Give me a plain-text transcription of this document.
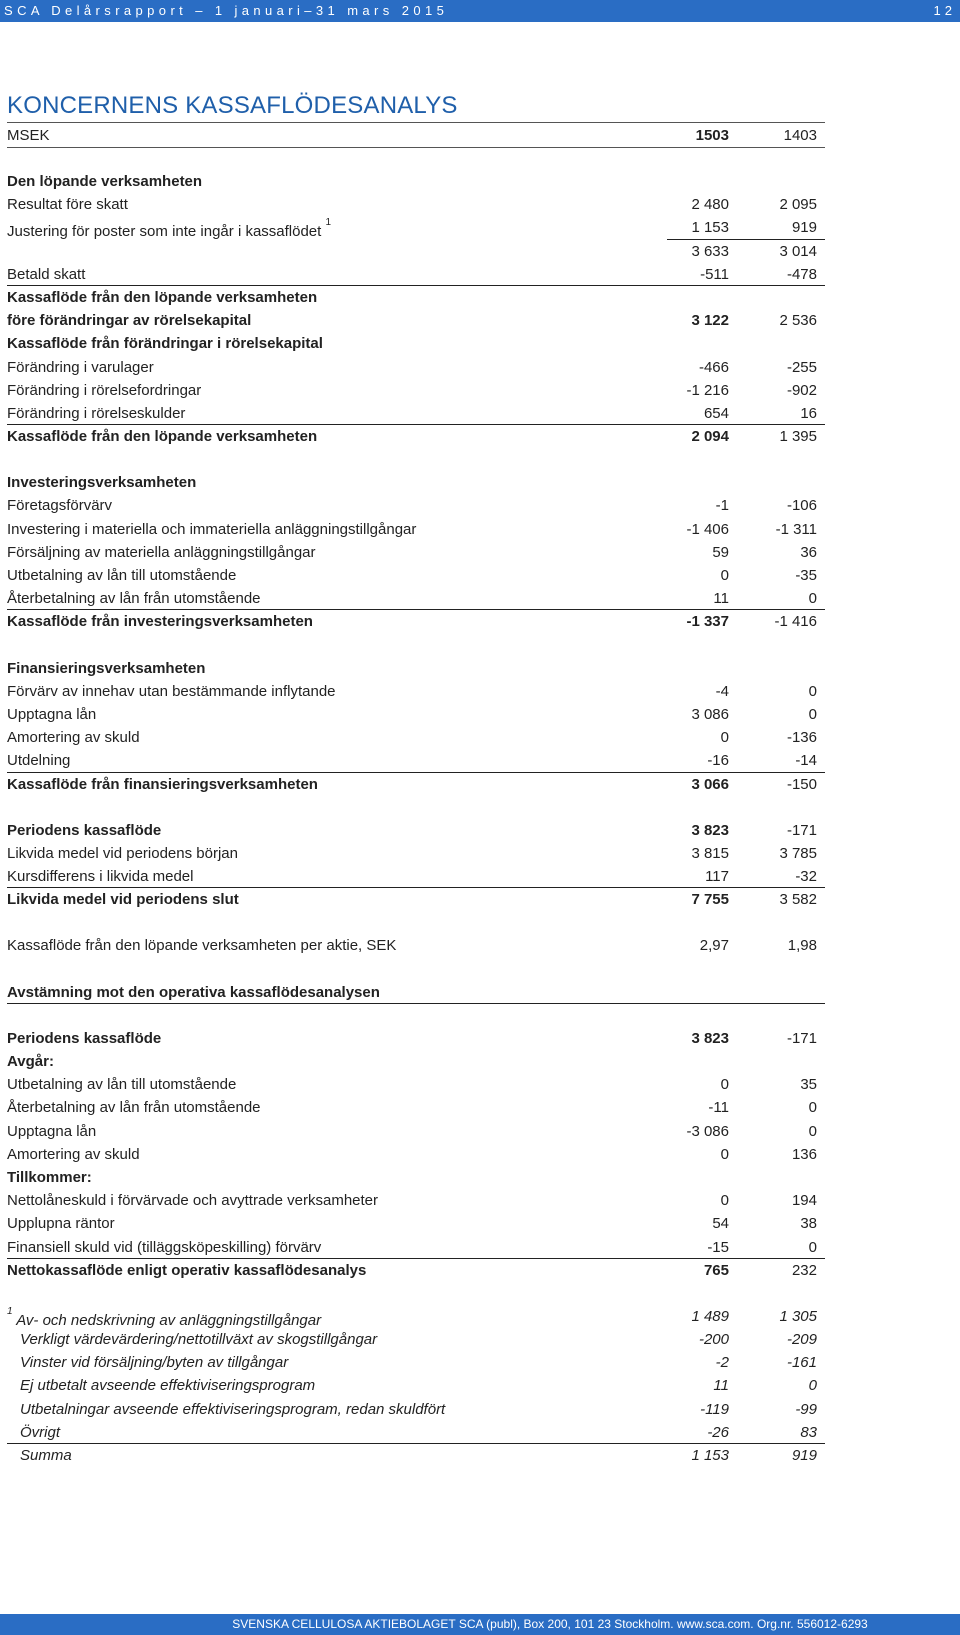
SCA Delårsrapport – 1 januari–31 mars 2015	12
KONCERNENS KASSAFLÖDESANALYS
MSEK	1503	1403
Den löpande verksamheten
Resultat före skatt	2 480	2 095
Justering för poster som inte ingår i kassaflödet $^1$	1 153	919
3 633	3 014
Betald skatt	-511	-478
Kassaflöde från den löpande verksamheten
före förändringar av rörelsekapital	3 122	2 536
Kassaflöde från förändringar i rörelsekapital
Förändring i varulager	-466	-255
Förändring i rörelsefordringar	-1 216	-902
Förändring i rörelseskulder	654	16
Kassaflöde från den löpande verksamheten	2 094	1 395
Investeringsverksamheten
Företagsförvärv	-1	-106
Investering i materiella och immateriella anläggningstillgångar	-1 406	-1 311
Försäljning av materiella anläggningstillgångar	59	36
Utbetalning av lån till utomstående	0	-35
Återbetalning av lån från utomstående	11	0
Kassaflöde från investeringsverksamheten	-1 337	-1 416
Finansieringsverksamheten
Förvärv av innehav utan bestämmande inflytande	-4	0
Upptagna lån	3 086	0
Amortering av skuld	0	-136
Utdelning	-16	-14
Kassaflöde från finansieringsverksamheten	3 066	-150
Periodens kassaflöde	3 823	-171
Likvida medel vid periodens början	3 815	3 785
Kursdifferens i likvida medel	117	-32
Likvida medel vid periodens slut	7 755	3 582
Kassaflöde från den löpande verksamheten per aktie, SEK	2,97	1,98
Avstämning mot den operativa kassaflödesanalysen
Periodens kassaflöde	3 823	-171
Avgår:
Utbetalning av lån till utomstående	0	35
Återbetalning av lån från utomstående	-11	0
Upptagna lån	-3 086	0
Amortering av skuld	0	136
Tillkommer:
Nettolåneskuld i förvärvade och avyttrade verksamheter	0	194
Upplupna räntor	54	38
Finansiell skuld vid (tilläggsköpeskilling) förvärv	-15	0
Nettokassaflöde enligt operativ kassaflödesanalys	765	232
$^1$ Av- och nedskrivning av anläggningstillgångar	1 489	1 305
Verkligt värdevärdering/nettotillväxt av skogstillgångar	-200	-209
Vinster vid försäljning/byten av tillgångar	-2	-161
Ej utbetalt avseende effektiviseringsprogram	11	0
Utbetalningar avseende effektiviseringsprogram, redan skuldfört	-119	-99
Övrigt	-26	83
Summa	1 153	919
SVENSKA CELLULOSA AKTIEBOLAGET SCA (publ), Box 200, 101 23 Stockholm. www.sca.com. Org.nr. 556012-6293
